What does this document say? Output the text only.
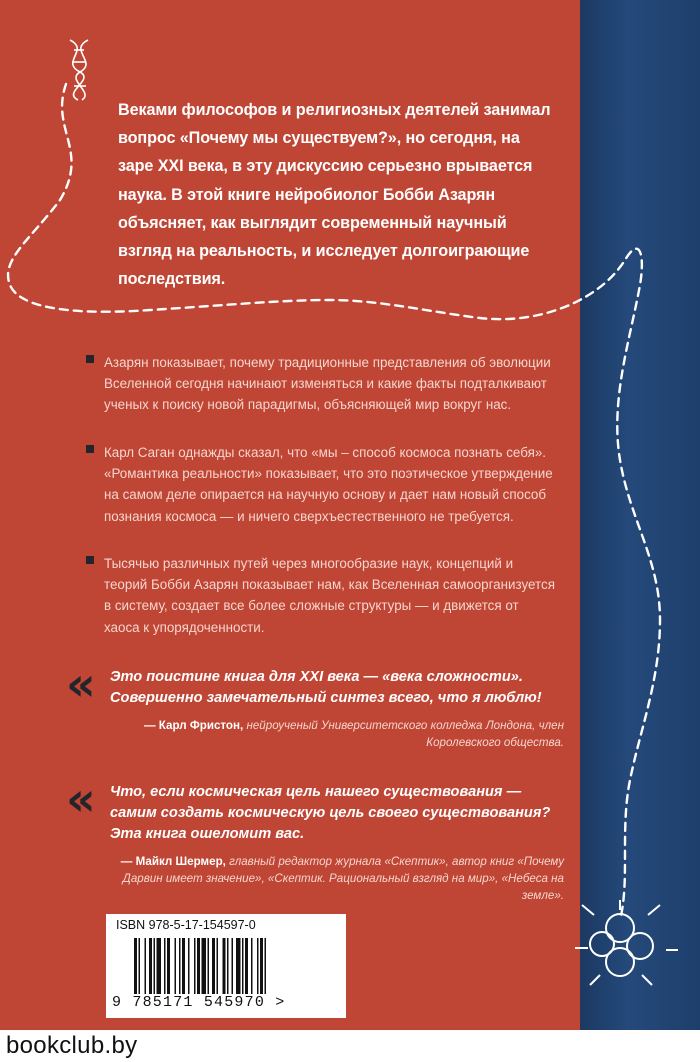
Веками философов и религиозных деятелей занимал вопрос «Почему мы существуем?», но сегодня, на заре XXI века, в эту дискуссию серьезно врывается наука. В этой книге нейробиолог Бобби Азарян объясняет, как выглядит современный научный взгляд на реальность, и исследует долгоиграющие последствия.

Азарян показывает, почему традиционные представления об эволюции Вселенной сегодня начинают изменяться и какие факты подталкивают ученых к поиску новой парадигмы, объясняющей мир вокруг нас.

Карл Саган однажды сказал, что «мы – способ космоса познать себя». «Романтика реальности» показывает, что это поэтическое утверждение на самом деле опирается на научную основу и дает нам новый способ познания космоса — и ничего сверхъестественного не требуется.

Тысячью различных путей через многообразие наук, концепций и теорий Бобби Азарян показывает нам, как Вселенная самоорганизуется в систему, создает все более сложные структуры — и движется от хаоса к упорядоченности.

« Это поистине книга для XXI века — «века сложности». Совершенно замечательный синтез всего, что я люблю!

— Карл Фристон, нейроученый Университетского колледжа Лондона, член Королевского общества.

« Что, если космическая цель нашего существования — самим создать космическую цель своего существования? Эта книга ошеломит вас.

— Майкл Шермер, главный редактор журнала «Скептик», автор книг «Почему Дарвин имеет значение», «Скептик. Рациональный взгляд на мир», «Небеса на земле».

ISBN 978-5-17-154597-0

9 785171 545970 >

bookclub.by
